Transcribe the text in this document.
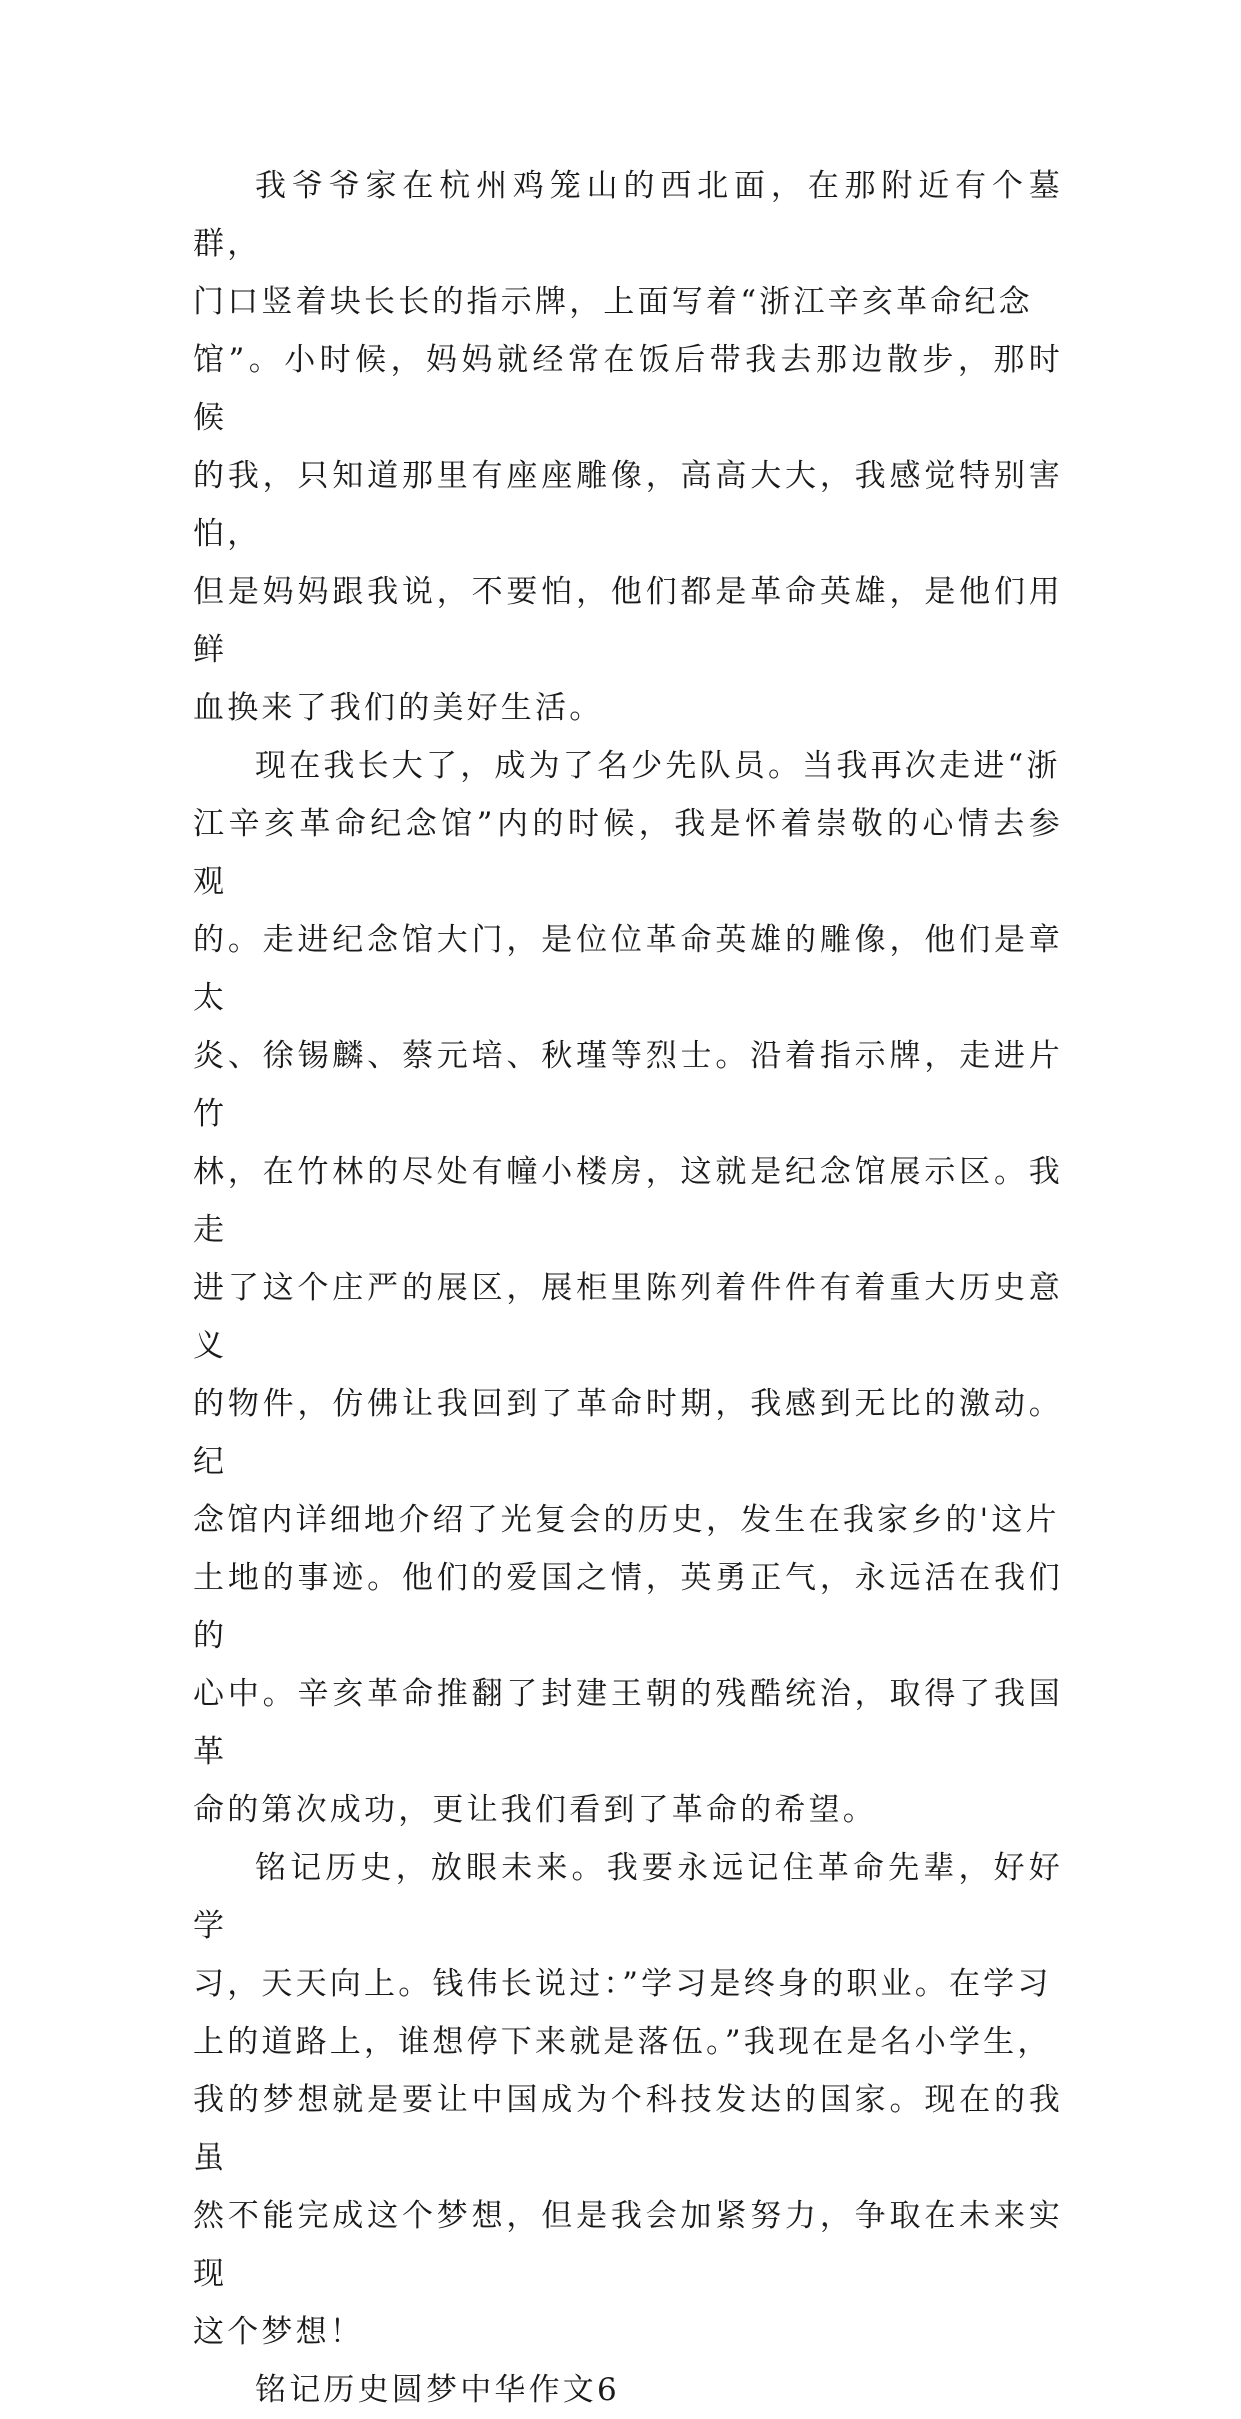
我爷爷家在杭州鸡笼山的西北面，在那附近有个墓群，

门口竖着块长长的指示牌，上面写着“浙江辛亥革命纪念

馆”。小时候，妈妈就经常在饭后带我去那边散步，那时候

的我，只知道那里有座座雕像，高高大大，我感觉特别害怕，

但是妈妈跟我说，不要怕，他们都是革命英雄，是他们用鲜

血换来了我们的美好生活。

现在我长大了，成为了名少先队员。当我再次走进“浙

江辛亥革命纪念馆”内的时候，我是怀着崇敬的心情去参观

的。走进纪念馆大门，是位位革命英雄的雕像，他们是章太

炎、徐锡麟、蔡元培、秋瑾等烈士。沿着指示牌，走进片竹

林，在竹林的尽处有幢小楼房，这就是纪念馆展示区。我走

进了这个庄严的展区，展柜里陈列着件件有着重大历史意义

的物件，仿佛让我回到了革命时期，我感到无比的激动。纪

念馆内详细地介绍了光复会的历史，发生在我家乡的'这片

土地的事迹。他们的爱国之情，英勇正气，永远活在我们的

心中。辛亥革命推翻了封建王朝的残酷统治，取得了我国革

命的第次成功，更让我们看到了革命的希望。

铭记历史，放眼未来。我要永远记住革命先辈，好好学

习，天天向上。钱伟长说过：”学习是终身的职业。在学习

上的道路上，谁想停下来就是落伍。”我现在是名小学生，

我的梦想就是要让中国成为个科技发达的国家。现在的我虽

然不能完成这个梦想，但是我会加紧努力，争取在未来实现

这个梦想！

铭记历史圆梦中华作文6
